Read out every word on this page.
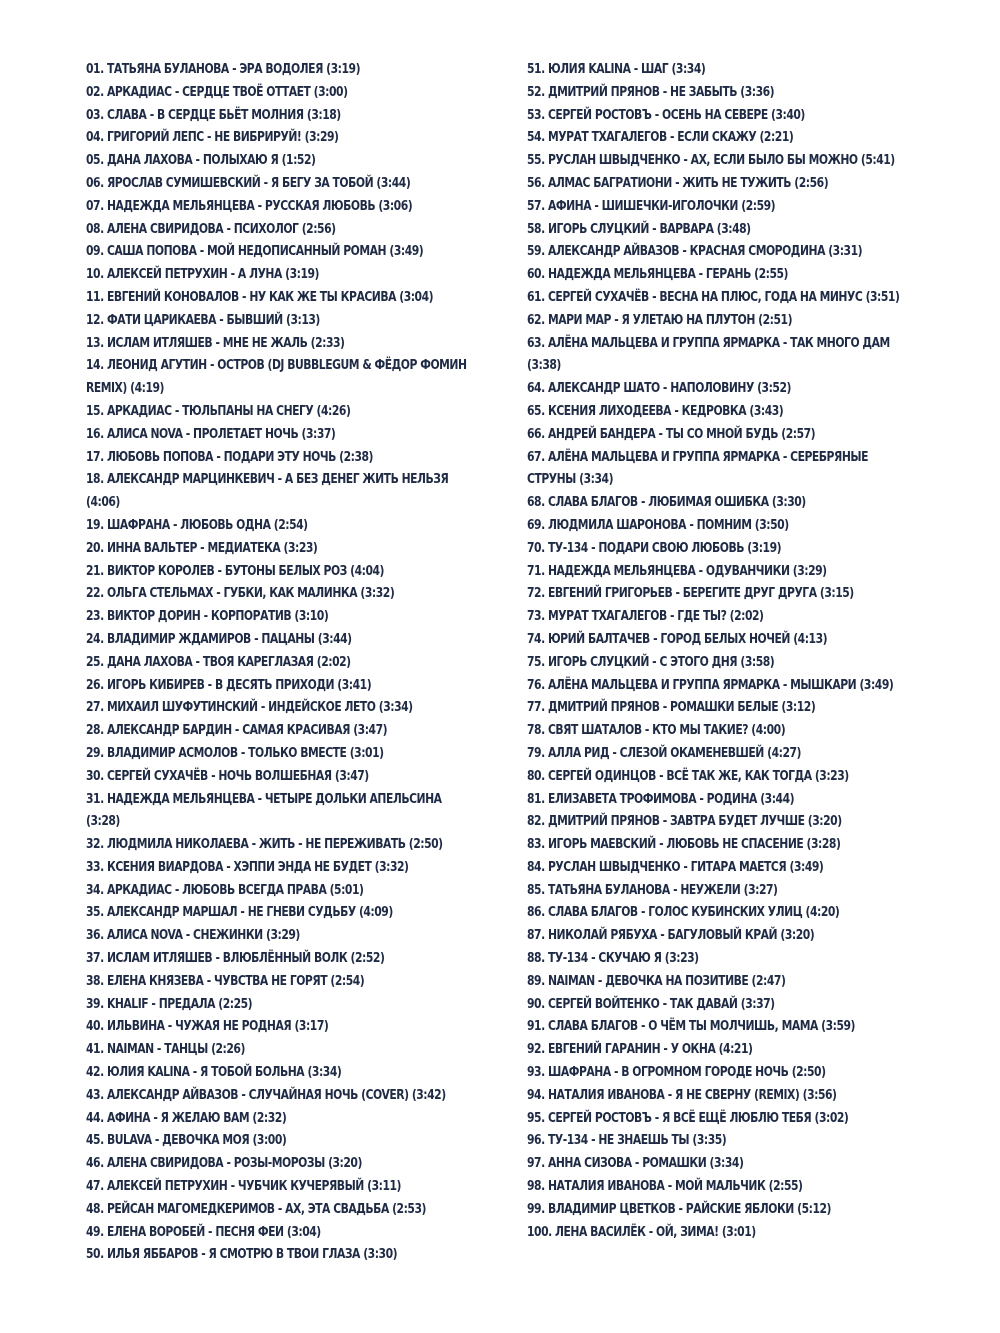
01. ТАТЬЯНА БУЛАНОВА - ЭРА ВОДОЛЕЯ (3:19)
02. АРКАДИАС - СЕРДЦЕ ТВОЁ ОТТАЕТ (3:00)
03. СЛАВА - В СЕРДЦЕ БЬЁТ МОЛНИЯ (3:18)
04. ГРИГОРИЙ ЛЕПС - НЕ ВИБРИРУЙ! (3:29)
05. ДАНА ЛАХОВА - ПОЛЫХАЮ Я (1:52)
06. ЯРОСЛАВ СУМИШЕВСКИЙ - Я БЕГУ ЗА ТОБОЙ (3:44)
07. НАДЕЖДА МЕЛЬЯНЦЕВА - РУССКАЯ ЛЮБОВЬ (3:06)
08. АЛЕНА СВИРИДОВА - ПСИХОЛОГ (2:56)
09. САША ПОПОВА - МОЙ НЕДОПИСАННЫЙ РОМАН (3:49)
10. АЛЕКСЕЙ ПЕТРУХИН - А ЛУНА (3:19)
11. ЕВГЕНИЙ КОНОВАЛОВ - НУ КАК ЖЕ ТЫ КРАСИВА (3:04)
12. ФАТИ ЦАРИКАЕВА - БЫВШИЙ (3:13)
13. ИСЛАМ ИТЛЯШЕВ - МНЕ НЕ ЖАЛЬ (2:33)
14. ЛЕОНИД АГУТИН - ОСТРОВ (DJ BUBBLEGUM & ФЁДОР ФОМИН REMIX) (4:19)
15. АРКАДИАС - ТЮЛЬПАНЫ НА СНЕГУ (4:26)
16. АЛИСА NOVA - ПРОЛЕТАЕТ НОЧЬ (3:37)
17. ЛЮБОВЬ ПОПОВА - ПОДАРИ ЭТУ НОЧЬ (2:38)
18. АЛЕКСАНДР МАРЦИНКЕВИЧ - А БЕЗ ДЕНЕГ ЖИТЬ НЕЛЬЗЯ (4:06)
19. ШАФРАНА - ЛЮБОВЬ ОДНА (2:54)
20. ИННА ВАЛЬТЕР - МЕДИАТЕКА (3:23)
21. ВИКТОР КОРОЛЕВ - БУТОНЫ БЕЛЫХ РОЗ (4:04)
22. ОЛЬГА СТЕЛЬМАХ - ГУБКИ, КАК МАЛИНКА (3:32)
23. ВИКТОР ДОРИН - КОРПОРАТИВ (3:10)
24. ВЛАДИМИР ЖДАМИРОВ - ПАЦАНЫ (3:44)
25. ДАНА ЛАХОВА - ТВОЯ КАРЕГЛАЗАЯ (2:02)
26. ИГОРЬ КИБИРЕВ - В ДЕСЯТЬ ПРИХОДИ (3:41)
27. МИХАИЛ ШУФУТИНСКИЙ - ИНДЕЙСКОЕ ЛЕТО (3:34)
28. АЛЕКСАНДР БАРДИН - САМАЯ КРАСИВАЯ (3:47)
29. ВЛАДИМИР АСМОЛОВ - ТОЛЬКО ВМЕСТЕ (3:01)
30. СЕРГЕЙ СУХАЧЁВ - НОЧЬ ВОЛШЕБНАЯ (3:47)
31. НАДЕЖДА МЕЛЬЯНЦЕВА - ЧЕТЫРЕ ДОЛЬКИ АПЕЛЬСИНА (3:28)
32. ЛЮДМИЛА НИКОЛАЕВА - ЖИТЬ - НЕ ПЕРЕЖИВАТЬ (2:50)
33. КСЕНИЯ ВИАРДОВА - ХЭППИ ЭНДА НЕ БУДЕТ (3:32)
34. АРКАДИАС - ЛЮБОВЬ ВСЕГДА ПРАВА (5:01)
35. АЛЕКСАНДР МАРШАЛ - НЕ ГНЕВИ СУДЬБУ (4:09)
36. АЛИСА NOVA - СНЕЖИНКИ (3:29)
37. ИСЛАМ ИТЛЯШЕВ - ВЛЮБЛЁННЫЙ ВОЛК (2:52)
38. ЕЛЕНА КНЯЗЕВА - ЧУВСТВА НЕ ГОРЯТ (2:54)
39. KHALIF - ПРЕДАЛА (2:25)
40. ИЛЬВИНА - ЧУЖАЯ НЕ РОДНАЯ (3:17)
41. NAIMAN - ТАНЦЫ (2:26)
42. ЮЛИЯ KALINA - Я ТОБОЙ БОЛЬНА (3:34)
43. АЛЕКСАНДР АЙВАЗОВ - СЛУЧАЙНАЯ НОЧЬ (COVER) (3:42)
44. АФИНА - Я ЖЕЛАЮ ВАМ (2:32)
45. BULAVA - ДЕВОЧКА МОЯ (3:00)
46. АЛЕНА СВИРИДОВА - РОЗЫ-МОРОЗЫ (3:20)
47. АЛЕКСЕЙ ПЕТРУХИН - ЧУБЧИК КУЧЕРЯВЫЙ (3:11)
48. РЕЙСАН МАГОМЕДКЕРИМОВ - АХ, ЭТА СВАДЬБА (2:53)
49. ЕЛЕНА ВОРОБЕЙ - ПЕСНЯ ФЕИ (3:04)
50. ИЛЬЯ ЯББАРОВ - Я СМОТРЮ В ТВОИ ГЛАЗА (3:30)
51. ЮЛИЯ KALINA - ШАГ (3:34)
52. ДМИТРИЙ ПРЯНОВ - НЕ ЗАБЫТЬ (3:36)
53. СЕРГЕЙ РОСТОВЪ - ОСЕНЬ НА СЕВЕРЕ (3:40)
54. МУРАТ ТХАГАЛЕГОВ - ЕСЛИ СКАЖУ (2:21)
55. РУСЛАН ШВЫДЧЕНКО - АХ, ЕСЛИ БЫЛО БЫ МОЖНО (5:41)
56. АЛМАС БАГРАТИОНИ - ЖИТЬ НЕ ТУЖИТЬ (2:56)
57. АФИНА - ШИШЕЧКИ-ИГОЛОЧКИ (2:59)
58. ИГОРЬ СЛУЦКИЙ - ВАРВАРА (3:48)
59. АЛЕКСАНДР АЙВАЗОВ - КРАСНАЯ СМОРОДИНА (3:31)
60. НАДЕЖДА МЕЛЬЯНЦЕВА - ГЕРАНЬ (2:55)
61. СЕРГЕЙ СУХАЧЁВ - ВЕСНА НА ПЛЮС, ГОДА НА МИНУС (3:51)
62. МАРИ МАР - Я УЛЕТАЮ НА ПЛУТОН (2:51)
63. АЛЁНА МАЛЬЦЕВА И ГРУППА ЯРМАРКА - ТАК МНОГО ДАМ (3:38)
64. АЛЕКСАНДР ШАТО - НАПОЛОВИНУ (3:52)
65. КСЕНИЯ ЛИХОДЕЕВА - КЕДРОВКА (3:43)
66. АНДРЕЙ БАНДЕРА - ТЫ СО МНОЙ БУДЬ (2:57)
67. АЛЁНА МАЛЬЦЕВА И ГРУППА ЯРМАРКА - СЕРЕБРЯНЫЕ СТРУНЫ (3:34)
68. СЛАВА БЛАГОВ - ЛЮБИМАЯ ОШИБКА (3:30)
69. ЛЮДМИЛА ШАРОНОВА - ПОМНИМ (3:50)
70. ТУ-134 - ПОДАРИ СВОЮ ЛЮБОВЬ (3:19)
71. НАДЕЖДА МЕЛЬЯНЦЕВА - ОДУВАНЧИКИ (3:29)
72. ЕВГЕНИЙ ГРИГОРЬЕВ - БЕРЕГИТЕ ДРУГ ДРУГА (3:15)
73. МУРАТ ТХАГАЛЕГОВ - ГДЕ ТЫ? (2:02)
74. ЮРИЙ БАЛТАЧЕВ - ГОРОД БЕЛЫХ НОЧЕЙ (4:13)
75. ИГОРЬ СЛУЦКИЙ - С ЭТОГО ДНЯ (3:58)
76. АЛЁНА МАЛЬЦЕВА И ГРУППА ЯРМАРКА - МЫШКАРИ (3:49)
77. ДМИТРИЙ ПРЯНОВ - РОМАШКИ БЕЛЫЕ (3:12)
78. СВЯТ ШАТАЛОВ - КТО МЫ ТАКИЕ? (4:00)
79. АЛЛА РИД - СЛЕЗОЙ ОКАМЕНЕВШЕЙ (4:27)
80. СЕРГЕЙ ОДИНЦОВ - ВСЁ ТАК ЖЕ, КАК ТОГДА (3:23)
81. ЕЛИЗАВЕТА ТРОФИМОВА - РОДИНА (3:44)
82. ДМИТРИЙ ПРЯНОВ - ЗАВТРА БУДЕТ ЛУЧШЕ (3:20)
83. ИГОРЬ МАЕВСКИЙ - ЛЮБОВЬ НЕ СПАСЕНИЕ (3:28)
84. РУСЛАН ШВЫДЧЕНКО - ГИТАРА МАЕТСЯ (3:49)
85. ТАТЬЯНА БУЛАНОВА - НЕУЖЕЛИ (3:27)
86. СЛАВА БЛАГОВ - ГОЛОС КУБИНСКИХ УЛИЦ (4:20)
87. НИКОЛАЙ РЯБУХА - БАГУЛОВЫЙ КРАЙ (3:20)
88. ТУ-134 - СКУЧАЮ Я (3:23)
89. NAIMAN - ДЕВОЧКА НА ПОЗИТИВЕ (2:47)
90. СЕРГЕЙ ВОЙТЕНКО - ТАК ДАВАЙ (3:37)
91. СЛАВА БЛАГОВ - О ЧЁМ ТЫ МОЛЧИШЬ, МАМА (3:59)
92. ЕВГЕНИЙ ГАРАНИН - У ОКНА (4:21)
93. ШАФРАНА - В ОГРОМНОМ ГОРОДЕ НОЧЬ (2:50)
94. НАТАЛИЯ ИВАНОВА - Я НЕ СВЕРНУ (REMIX) (3:56)
95. СЕРГЕЙ РОСТОВЪ - Я ВСЁ ЕЩЁ ЛЮБЛЮ ТЕБЯ (3:02)
96. ТУ-134 - НЕ ЗНАЕШЬ ТЫ (3:35)
97. АННА СИЗОВА - РОМАШКИ (3:34)
98. НАТАЛИЯ ИВАНОВА - МОЙ МАЛЬЧИК (2:55)
99. ВЛАДИМИР ЦВЕТКОВ - РАЙСКИЕ ЯБЛОКИ (5:12)
100. ЛЕНА ВАСИЛЁК - ОЙ, ЗИМА! (3:01)
